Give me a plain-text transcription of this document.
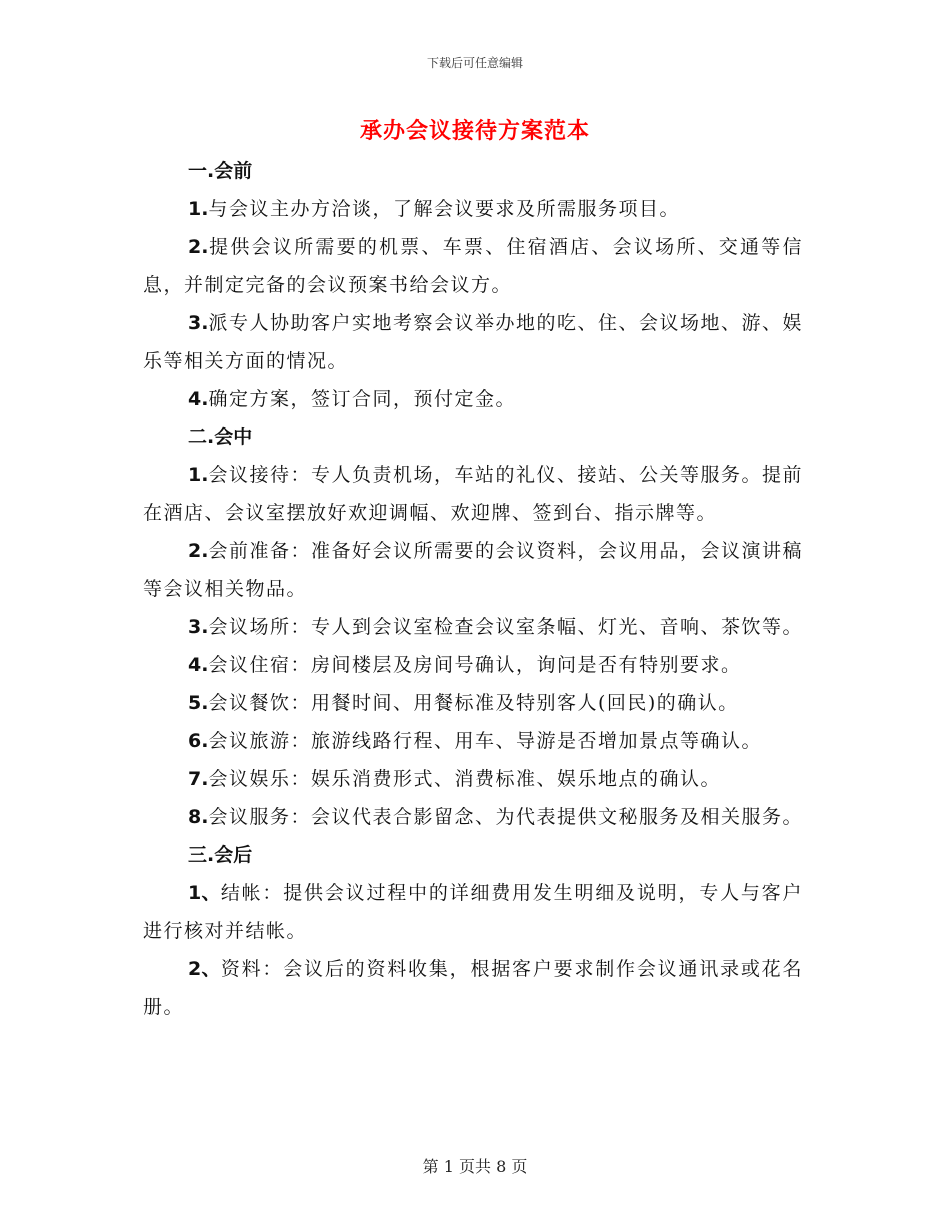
下载后可任意编辑
承办会议接待方案范本

一.会前

1.与会议主办方洽谈，了解会议要求及所需服务项目。

2.提供会议所需要的机票、车票、住宿酒店、会议场所、交通等信息，并制定完备的会议预案书给会议方。

3.派专人协助客户实地考察会议举办地的吃、住、会议场地、游、娱乐等相关方面的情况。

4.确定方案，签订合同，预付定金。

二.会中

1.会议接待：专人负责机场，车站的礼仪、接站、公关等服务。提前在酒店、会议室摆放好欢迎调幅、欢迎牌、签到台、指示牌等。

2.会前准备：准备好会议所需要的会议资料，会议用品，会议演讲稿等会议相关物品。

3.会议场所：专人到会议室检查会议室条幅、灯光、音响、茶饮等。

4.会议住宿：房间楼层及房间号确认，询问是否有特别要求。

5.会议餐饮：用餐时间、用餐标准及特别客人(回民)的确认。

6.会议旅游：旅游线路行程、用车、导游是否增加景点等确认。

7.会议娱乐：娱乐消费形式、消费标准、娱乐地点的确认。

8.会议服务：会议代表合影留念、为代表提供文秘服务及相关服务。

三.会后

1、结帐：提供会议过程中的详细费用发生明细及说明，专人与客户进行核对并结帐。

2、资料：会议后的资料收集，根据客户要求制作会议通讯录或花名册。

第 1 页共 8 页
